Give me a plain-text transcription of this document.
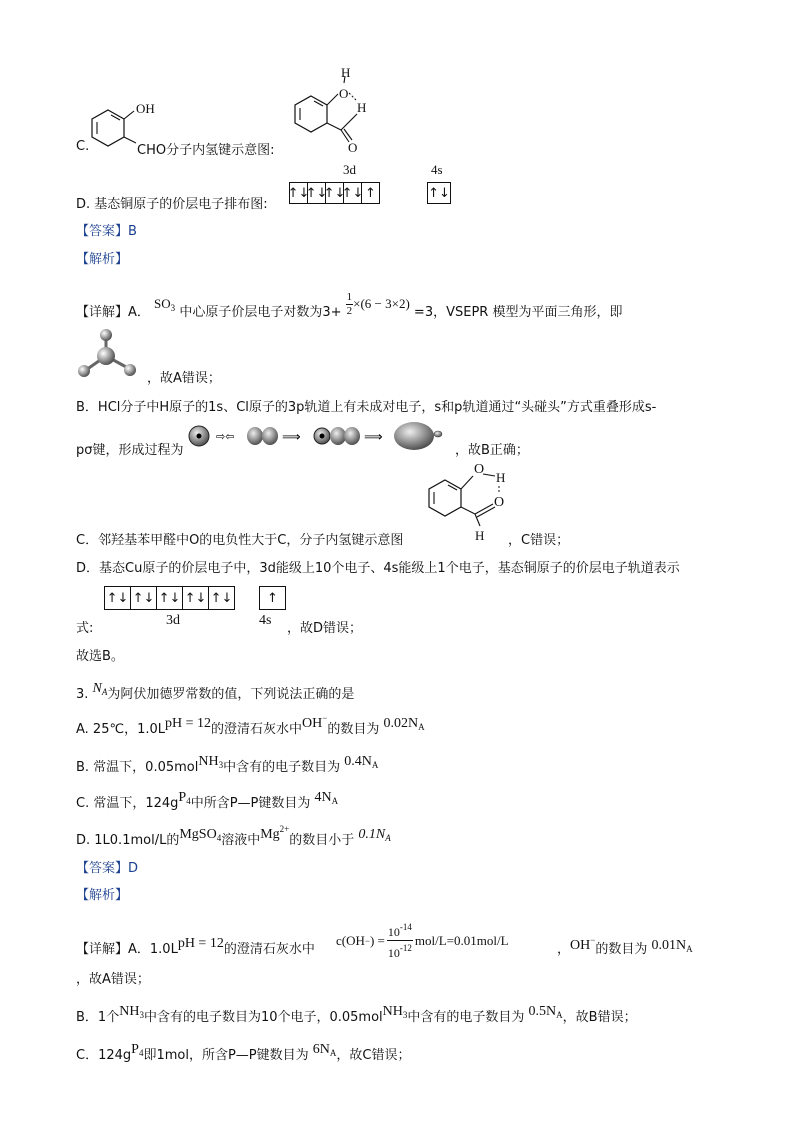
C.
OH
CHO分子内氢键示意图:
H
O
H
O
3d	4s
D. 基态铜原子的价层电子排布图:
↑↓
↑↓
↑↓
↑↓ ↑	↑↓
【答案】B
【解析】
【详解】A． $SO_3$ 中心原子价层电子对数为$3+ \frac{1}{2} \times(6 - 3\times 2) =3$，VSEPR 模型为平面三角形，即
，故A错误；
B．HCl分子中H原子的1s、Cl原子的3p轨道上有未成对电子，s和p轨道通过“头碰头”方式重叠形成s-
pσ键，形成过程为
⇨⇦	⟹	⟹
，故B正确；
O
H
O
H
C．邻羟基苯甲醛中O的电负性大于C，分子内氢键示意图	，C错误；
D．基态Cu原子的价层电子中，3d能级上10个电子、4s能级上1个电子，基态铜原子的价层电子轨道表示
↑↓ ↑↓ ↑↓ ↑↓ ↑↓	↑
式:
3d	4s
，故D错误；
故选B。
3. $N_A$为阿伏加德罗常数的值，下列说法正确的是
A. 25℃，1.0LpH = 12的澄清石灰水中OH−的数目为 $0.02N_A$
B. 常温下，0.05molNH$_3$中含有的电子数目为 $0.4N_A$
C. 常温下，$124gP_4$中所含P—P键数目为 $4N_A$
D. 1L0.1mol/L的MgSO$_4$溶液中$Mg^{2+}$的数目小于 $0.1N_A$
【答案】D
【解析】
【详解】A．1.0LpH = 12的澄清石灰水中
c(OH − ) = $\frac{10^{-14}}{10^{-12}} mol/L=0.01mol/L$
，OH−的数目为 $0.01N_A$
，故A错误；
B．1个$NH_3$中含有的电子数目为10个电子，0.05molNH$_3$中含有的电子数目为 $0.5N_A$，故B错误；
C．$124gP_4$即1mol，所含P—P键数目为 $6N_A$，故C错误；
